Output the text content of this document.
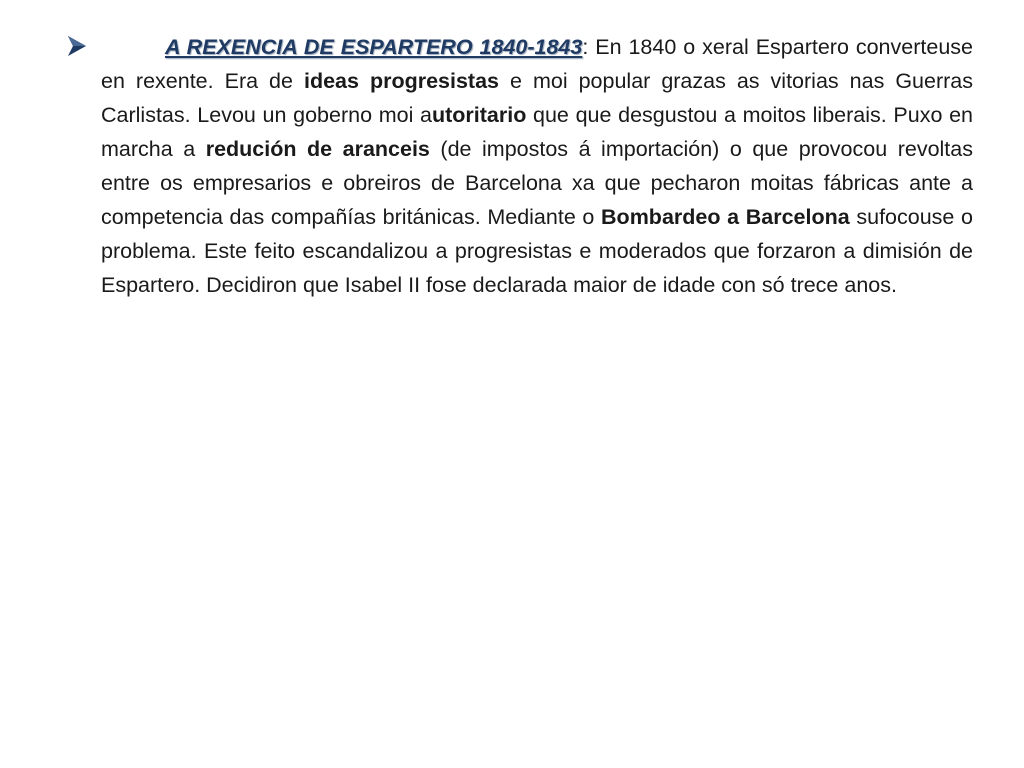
A REXENCIA DE ESPARTERO 1840-1843: En 1840 o xeral Espartero converteuse en rexente. Era de ideas progresistas e moi popular grazas as vitorias nas Guerras Carlistas. Levou un goberno moi autoritario que que desgustou a moitos liberais. Puxo en marcha a redución de aranceis (de impostos á importación) o que provocou revoltas entre os empresarios e obreiros de Barcelona xa que pecharon moitas fábricas ante a competencia das compañías británicas. Mediante o Bombardeo a Barcelona sufocouse o problema. Este feito escandalizou a progresistas e moderados que forzaron a dimisión de Espartero. Decidiron que Isabel II fose declarada maior de idade con só trece anos.
